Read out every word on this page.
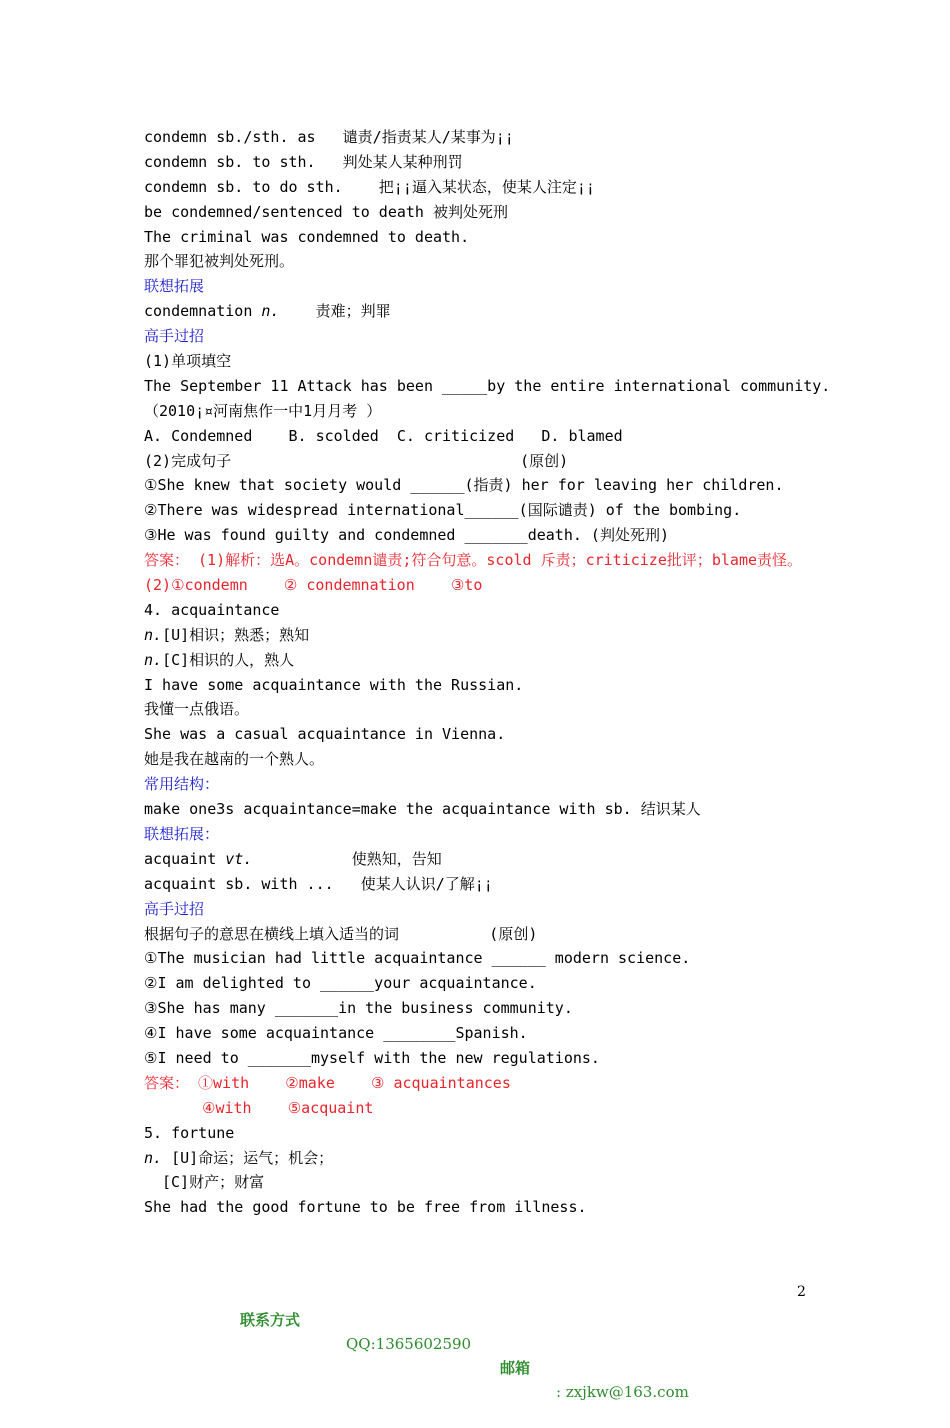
condemn sb./sth. as   谴责/指责某人/某事为¡¡
condemn sb. to sth.   判处某人某种刑罚
condemn sb. to do sth.    把¡¡逼入某状态，使某人注定¡¡
be condemned/sentenced to death 被判处死刑
The criminal was condemned to death.
那个罪犯被判处死刑。
联想拓展
condemnation n.    责难；判罪
高手过招
(1)单项填空
The September 11 Attack has been _____by the entire international community.
（2010¡¤河南焦作一中1月月考 ）
A. Condemned    B. scolded  C. criticized   D. blamed
(2)完成句子                                (原创)
①She knew that society would ______(指责) her for leaving her children.
②There was widespread international______(国际谴责) of the bombing.
③He was found guilty and condemned _______death. (判处死刑)
答案： (1)解析：选A。condemn谴责;符合句意。scold 斥责；criticize批评；blame责怪。
(2)①condemn    ② condemnation    ③to
4. acquaintance
n.[U]相识；熟悉；熟知
n.[C]相识的人，熟人
I have some acquaintance with the Russian.
我懂一点俄语。
She was a casual acquaintance in Vienna.
她是我在越南的一个熟人。
常用结构：
make one3s acquaintance=make the acquaintance with sb. 结识某人
联想拓展：
acquaint vt.           使熟知，告知
acquaint sb. with ...   使某人认识/了解¡¡
高手过招
根据句子的意思在横线上填入适当的词          (原创)
①The musician had little acquaintance ______ modern science.
②I am delighted to ______your acquaintance.
③She has many _______in the business community.
④I have some acquaintance ________Spanish.
⑤I need to _______myself with the new regulations.
答案： ①with    ②make    ③ acquaintances
④with    ⑤acquaint
5. fortune
n. [U]命运；运气；机会；
[C]财产；财富
She had the good fortune to be free from illness.

联系方式

QQ:1365602590

邮箱

: zxjkw@163.com

2
